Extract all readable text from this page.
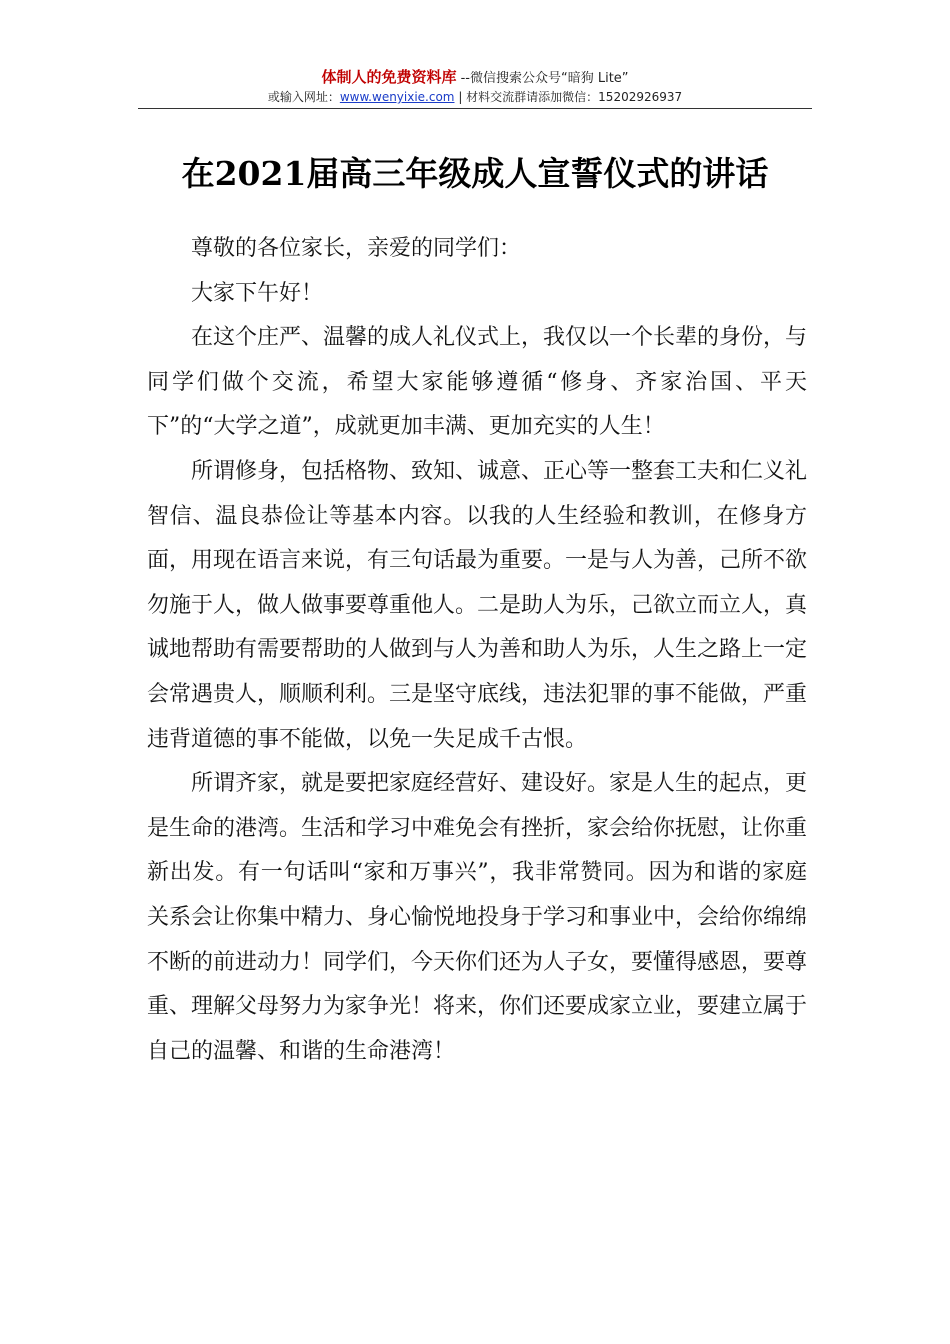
体制人的免费资料库 --微信搜索公众号“暗狗 Lite”
或输入网址：www.wenyixie.com | 材料交流群请添加微信：15202926937
在2021届高三年级成人宣誓仪式的讲话

尊敬的各位家长，亲爱的同学们：

大家下午好！

在这个庄严、温馨的成人礼仪式上，我仅以一个长辈的身份，与同学们做个交流，希望大家能够遵循“修身、齐家治国、平天下”的“大学之道”，成就更加丰满、更加充实的人生！

所谓修身，包括格物、致知、诚意、正心等一整套工夫和仁义礼智信、温良恭俭让等基本内容。以我的人生经验和教训，在修身方面，用现在语言来说，有三句话最为重要。一是与人为善，己所不欲勿施于人，做人做事要尊重他人。二是助人为乐，己欲立而立人，真诚地帮助有需要帮助的人做到与人为善和助人为乐，人生之路上一定会常遇贵人，顺顺利利。三是坚守底线，违法犯罪的事不能做，严重违背道德的事不能做，以免一失足成千古恨。

所谓齐家，就是要把家庭经营好、建设好。家是人生的起点，更是生命的港湾。生活和学习中难免会有挫折，家会给你抚慰，让你重新出发。有一句话叫“家和万事兴”，我非常赞同。因为和谐的家庭关系会让你集中精力、身心愉悦地投身于学习和事业中，会给你绵绵不断的前进动力！同学们，今天你们还为人子女，要懂得感恩，要尊重、理解父母努力为家争光！将来，你们还要成家立业，要建立属于自己的温馨、和谐的生命港湾！
